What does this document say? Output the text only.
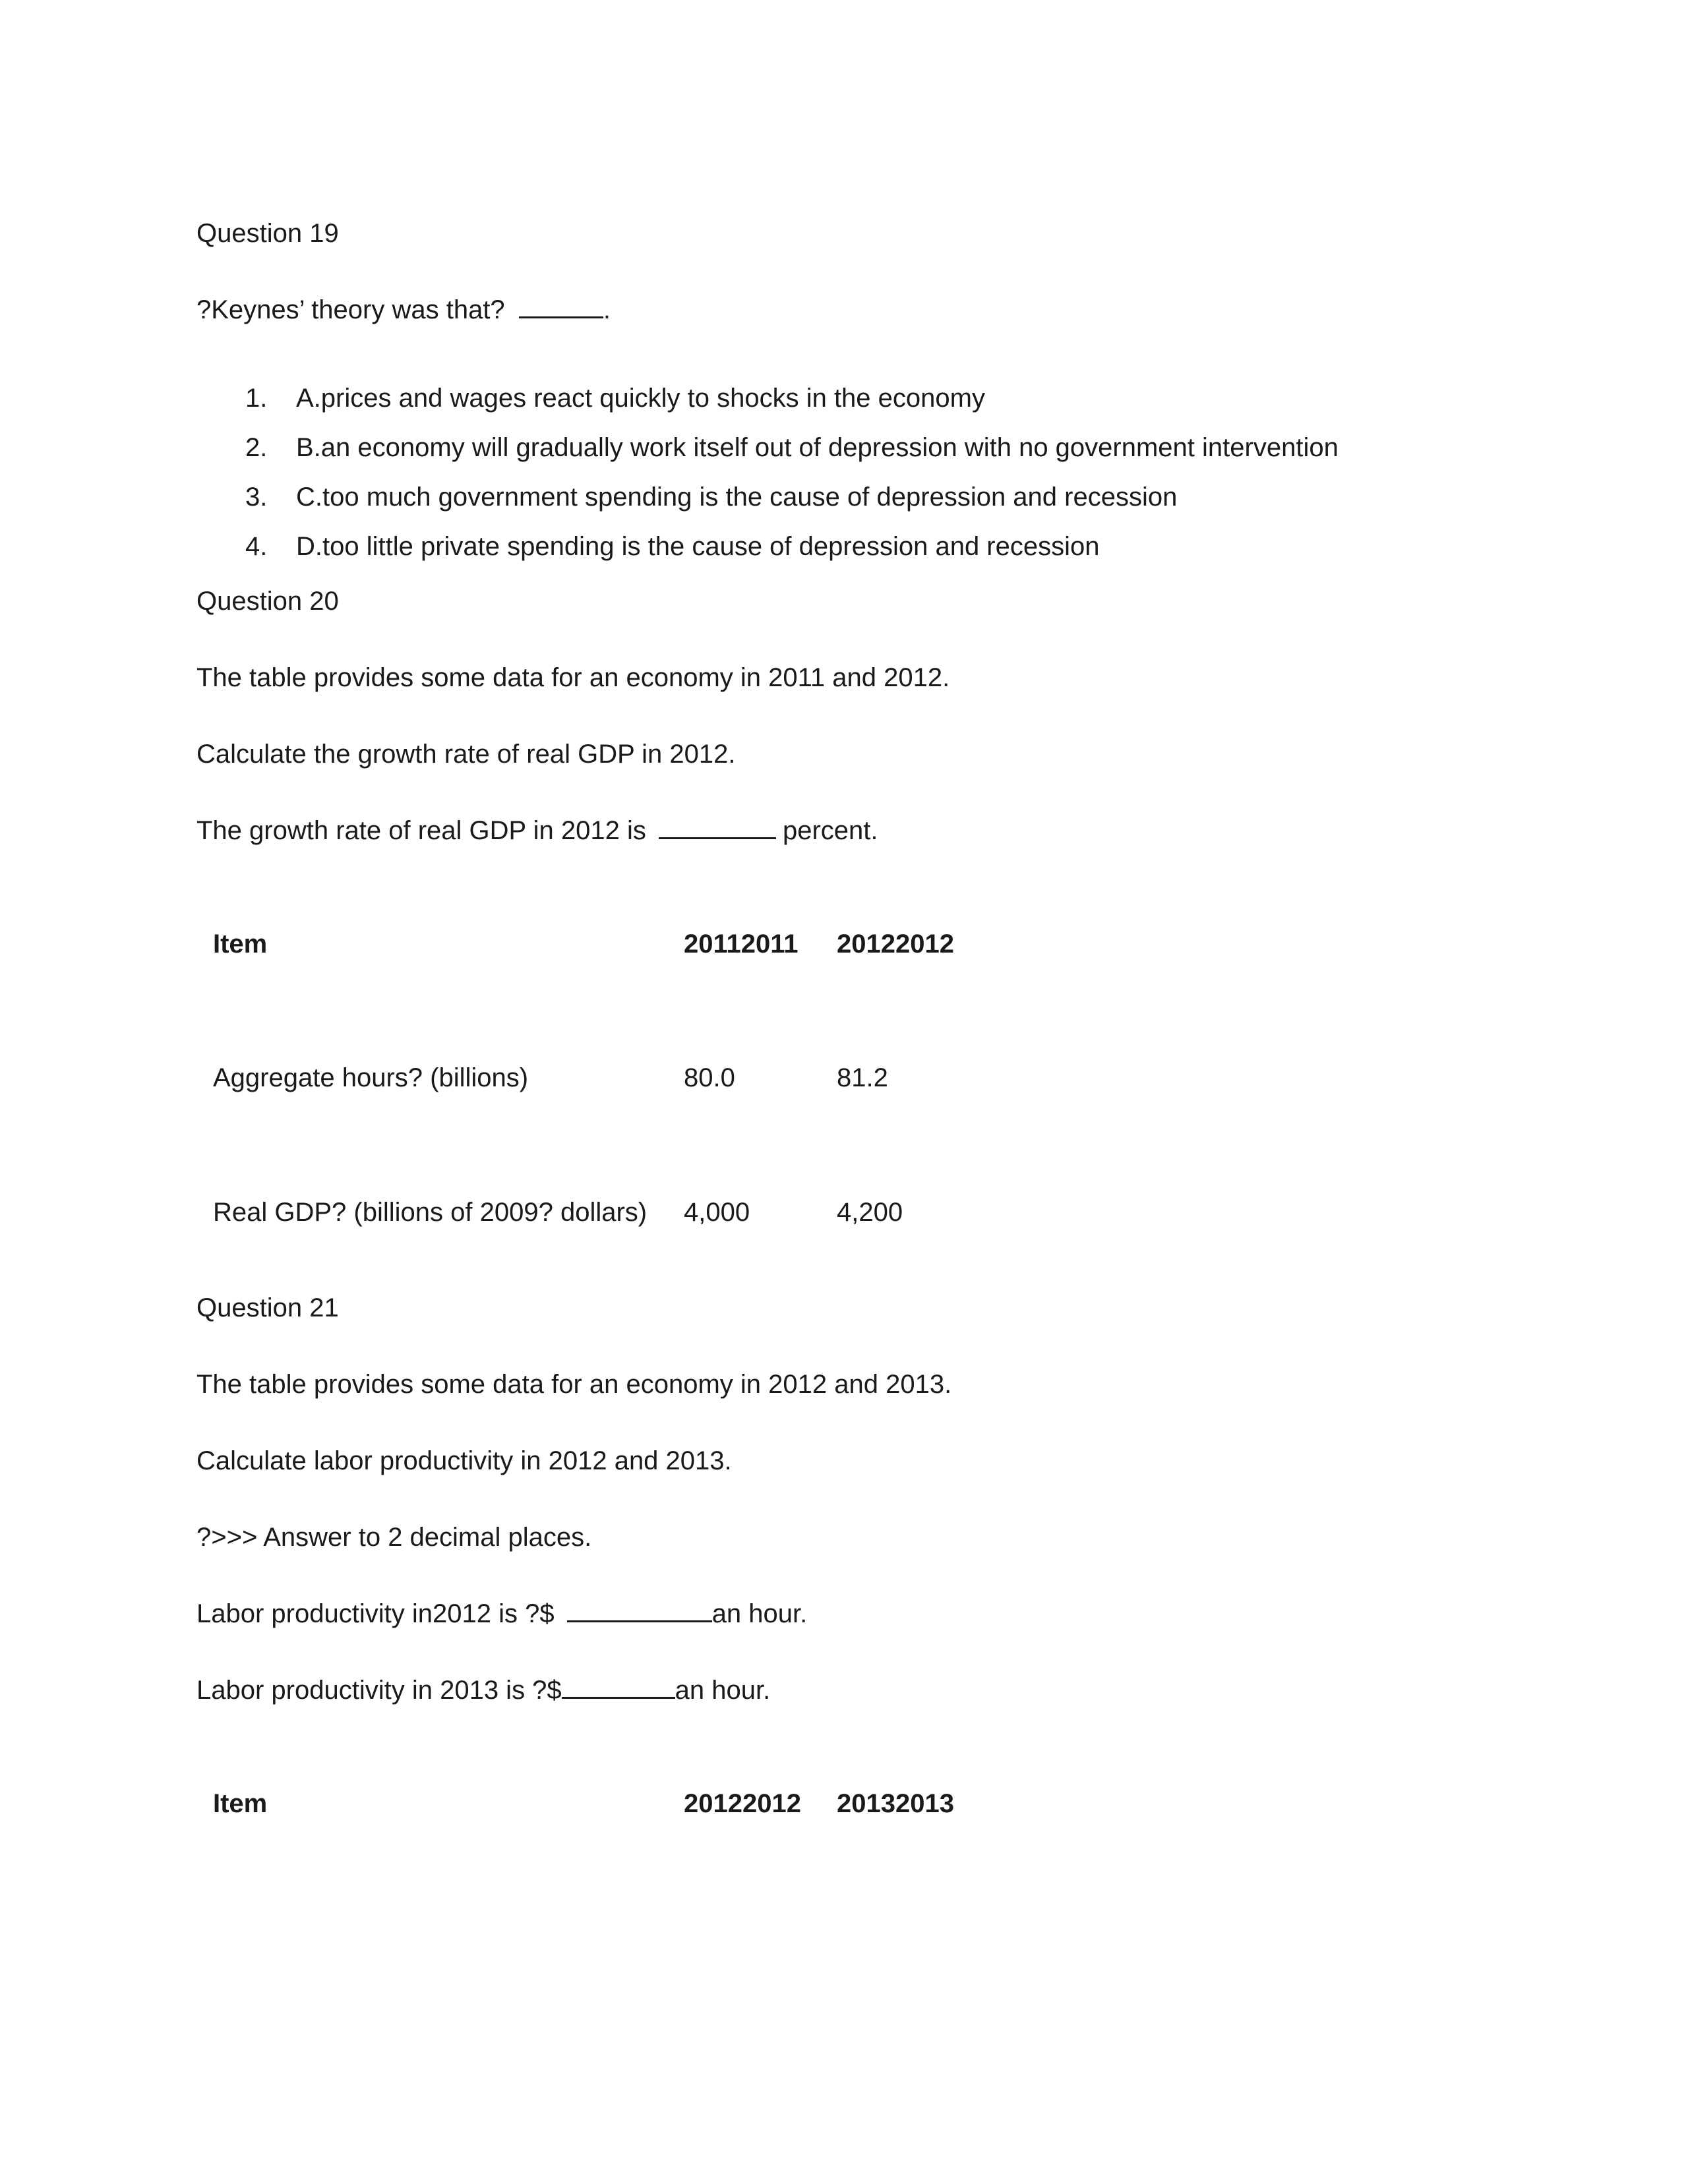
Question 19
?Keynes’ theory was that?	.
1. A.prices and wages react quickly to shocks in the economy
2. B.an economy will gradually work itself out of depression with no government intervention
3. C.too much government spending is the cause of depression and recession
4. D.too little private spending is the cause of depression and recession
Question 20
The table provides some data for an economy in 2011 and 2012.
Calculate the growth rate of real GDP in 2012.
The growth rate of real GDP in 2012 is	percent.
Item	20112011 20122012
Aggregate hours? (billions)	80.0	81.2
Real GDP? (billions of 2009? dollars) 4,000	4,200
Question 21
The table provides some data for an economy in 2012 and 2013.
Calculate labor productivity in 2012 and 2013.
?>>> Answer to 2 decimal places.
Labor productivity in2012 is ?$	an hour.
Labor productivity in 2013 is ?$	an hour.
Item	20122012 20132013
